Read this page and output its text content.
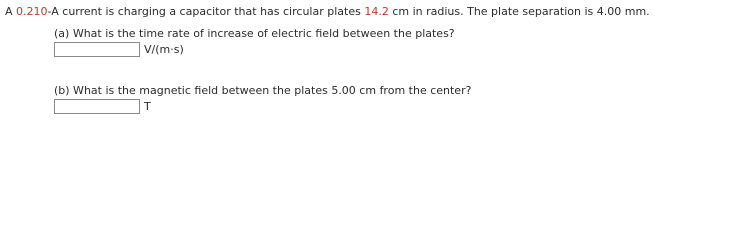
A 0.210-A current is charging a capacitor that has circular plates 14.2 cm in radius. The plate separation is 4.00 mm.
(a) What is the time rate of increase of electric field between the plates?
V/(m·s)
(b) What is the magnetic field between the plates 5.00 cm from the center?
T
